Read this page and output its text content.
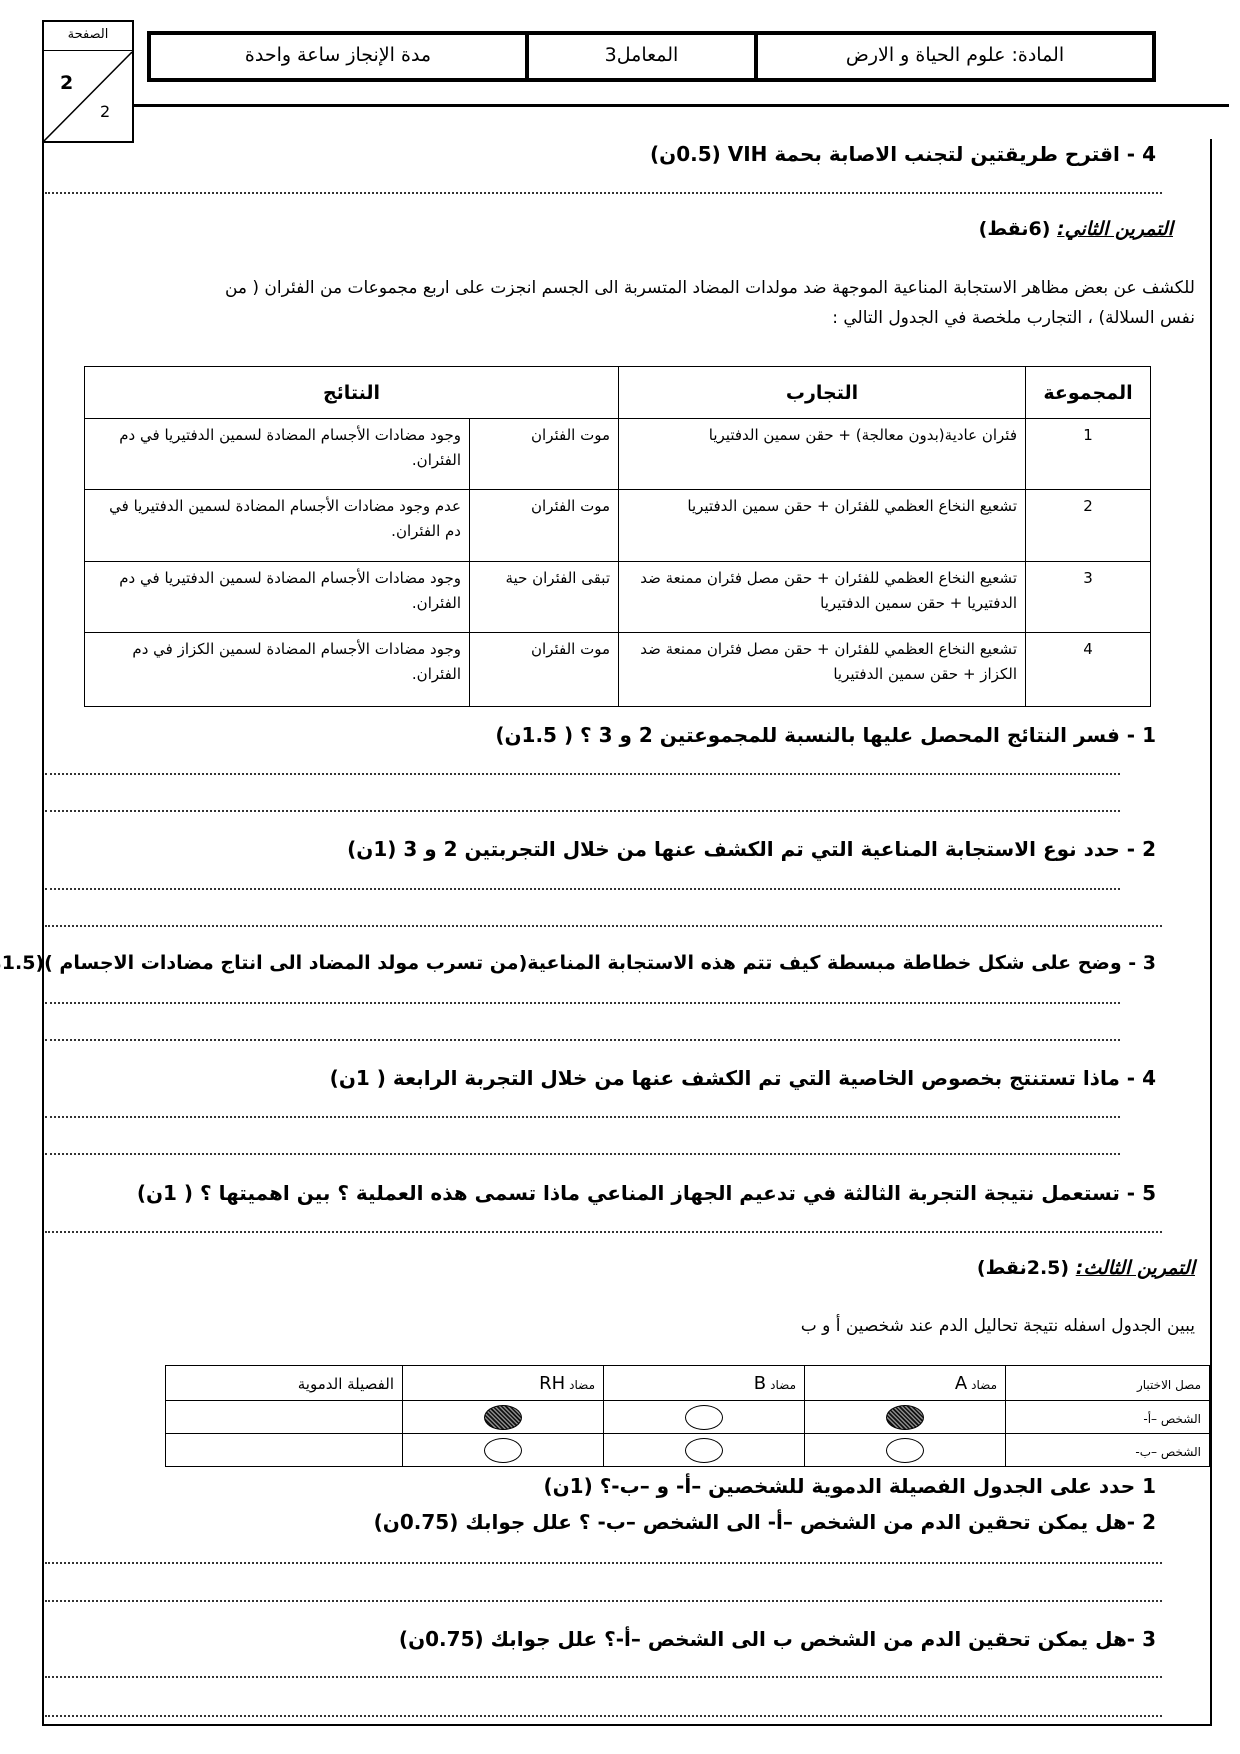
الصفحة
2
2
مدة الإنجاز ساعة واحدة	المعامل3	المادة: علوم الحياة و الارض
4 - اقترح طريقتين لتجنب الاصابة بحمة VIH (0.5ن)
التمرين الثاني: (6نقط)
للكشف عن بعض مظاهر الاستجابة المناعية الموجهة ضد مولدات المضاد المتسربة الى الجسم انجزت على اربع مجموعات من الفئران ( من
نفس السلالة) ، التجارب ملخصة في الجدول التالي :
المجموعة	التجارب	النتائج	
1	فئران عادية(بدون معالجة) + حقن سمين الدفتيريا	موت الفئران	وجود مضادات الأجسام المضادة لسمين الدفتيريا في دم الفئران.
2	تشعيع النخاع العظمي للفئران + حقن سمين الدفتيريا	موت الفئران	عدم وجود مضادات الأجسام المضادة لسمين الدفتيريا في دم الفئران.
3	تشعيع النخاع العظمي للفئران + حقن مصل فئران ممنعة ضد الدفتيريا + حقن سمين الدفتيريا	تبقى الفئران حية	وجود مضادات الأجسام المضادة لسمين الدفتيريا في دم الفئران.
4	تشعيع النخاع العظمي للفئران + حقن مصل فئران ممنعة ضد الكزاز + حقن سمين الدفتيريا	موت الفئران	وجود مضادات الأجسام المضادة لسمين الكزاز في دم الفئران.
1 - فسر النتائج المحصل عليها بالنسبة للمجموعتين 2 و 3 ؟ ( 1.5ن)
2 - حدد نوع الاستجابة المناعية التي تم الكشف عنها من خلال التجربتين 2 و 3 (1ن)
3 - وضح على شكل خطاطة مبسطة كيف تتم هذه الاستجابة المناعية(من تسرب مولد المضاد الى انتاج مضادات الاجسام )(1.5
4 - ماذا تستنتج بخصوص الخاصية التي تم الكشف عنها من خلال التجربة الرابعة ( 1ن)
5 - تستعمل نتيجة التجربة الثالثة في تدعيم الجهاز المناعي ماذا تسمى هذه العملية ؟ بين اهميتها ؟ ( 1ن)
التمرين الثالث: (2.5نقط)
يبين الجدول اسفله نتيجة تحاليل الدم عند شخصين أ و ب
مصل الاختبار	مضادA	مضادB	مضادRH	الفصيلة الدموية
الشخص –أ-				
الشخص –ب-				
1 حدد على الجدول الفصيلة الدموية للشخصين –أ- و –ب-؟ (1ن)
2 -هل يمكن تحقين الدم من الشخص –أ- الى الشخص –ب- ؟ علل جوابك (0.75ن)
3 -هل يمكن تحقين الدم من الشخص ب الى الشخص –أ-؟ علل جوابك (0.75ن)
